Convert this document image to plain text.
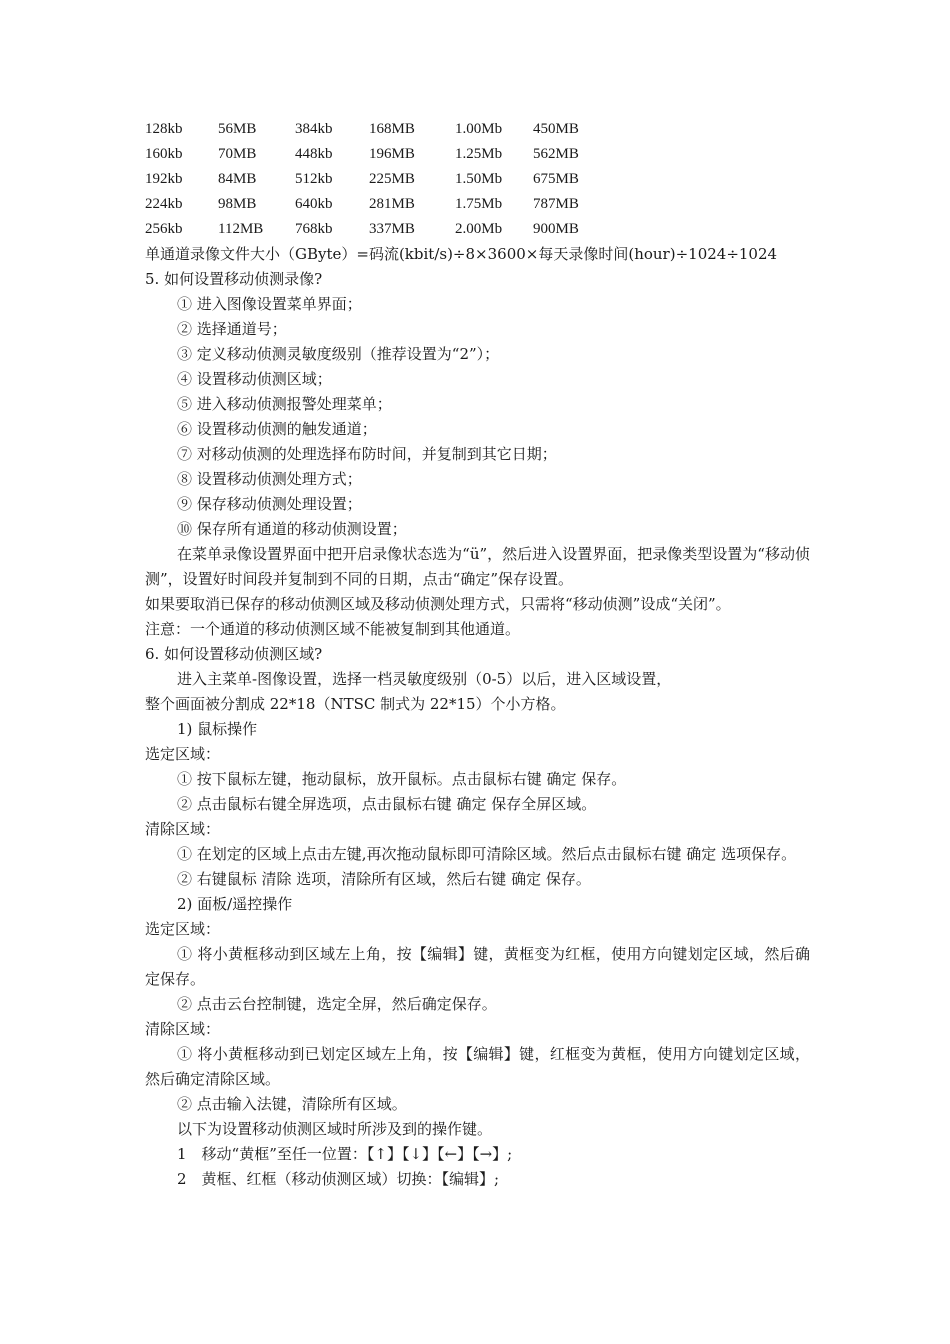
128kb	56MB	384kb	168MB	1.00Mb	450MB
160kb	70MB	448kb	196MB	1.25Mb	562MB
192kb	84MB	512kb	225MB	1.50Mb	675MB
224kb	98MB	640kb	281MB	1.75Mb	787MB
256kb	112MB	768kb	337MB	2.00Mb	900MB
单通道录像文件大小（GByte）=码流(kbit/s)÷8×3600×每天录像时间(hour)÷1024÷1024
5. 如何设置移动侦测录像?
① 进入图像设置菜单界面；
② 选择通道号；
③ 定义移动侦测灵敏度级别（推荐设置为“2”）；
④ 设置移动侦测区域；
⑤ 进入移动侦测报警处理菜单；
⑥ 设置移动侦测的触发通道；
⑦ 对移动侦测的处理选择布防时间，并复制到其它日期；
⑧ 设置移动侦测处理方式；
⑨ 保存移动侦测处理设置；
⑩ 保存所有通道的移动侦测设置；
在菜单录像设置界面中把开启录像状态选为“ü”，然后进入设置界面，把录像类型设置为“移动侦测”，设置好时间段并复制到不同的日期，点击“确定”保存设置。
如果要取消已保存的移动侦测区域及移动侦测处理方式，只需将“移动侦测”设成“关闭”。
注意：一个通道的移动侦测区域不能被复制到其他通道。
6. 如何设置移动侦测区域?
进入主菜单-图像设置，选择一档灵敏度级别（0-5）以后，进入区域设置，
整个画面被分割成 22*18（NTSC 制式为 22*15）个小方格。
1) 鼠标操作
选定区域：
① 按下鼠标左键，拖动鼠标，放开鼠标。点击鼠标右键 确定 保存。
② 点击鼠标右键全屏选项，点击鼠标右键 确定 保存全屏区域。
清除区域：
① 在划定的区域上点击左键,再次拖动鼠标即可清除区域。然后点击鼠标右键 确定 选项保存。
② 右键鼠标 清除 选项，清除所有区域，然后右键 确定 保存。
2) 面板/遥控操作
选定区域：
① 将小黄框移动到区域左上角，按【编辑】键，黄框变为红框，使用方向键划定区域，然后确定保存。
② 点击云台控制键，选定全屏，然后确定保存。
清除区域：
① 将小黄框移动到已划定区域左上角，按【编辑】键，红框变为黄框，使用方向键划定区域，然后确定清除区域。
② 点击输入法键，清除所有区域。
以下为设置移动侦测区域时所涉及到的操作键。
1　移动“黄框”至任一位置：【↑】【↓】【←】【→】;
2　黄框、红框（移动侦测区域）切换：【编辑】;
